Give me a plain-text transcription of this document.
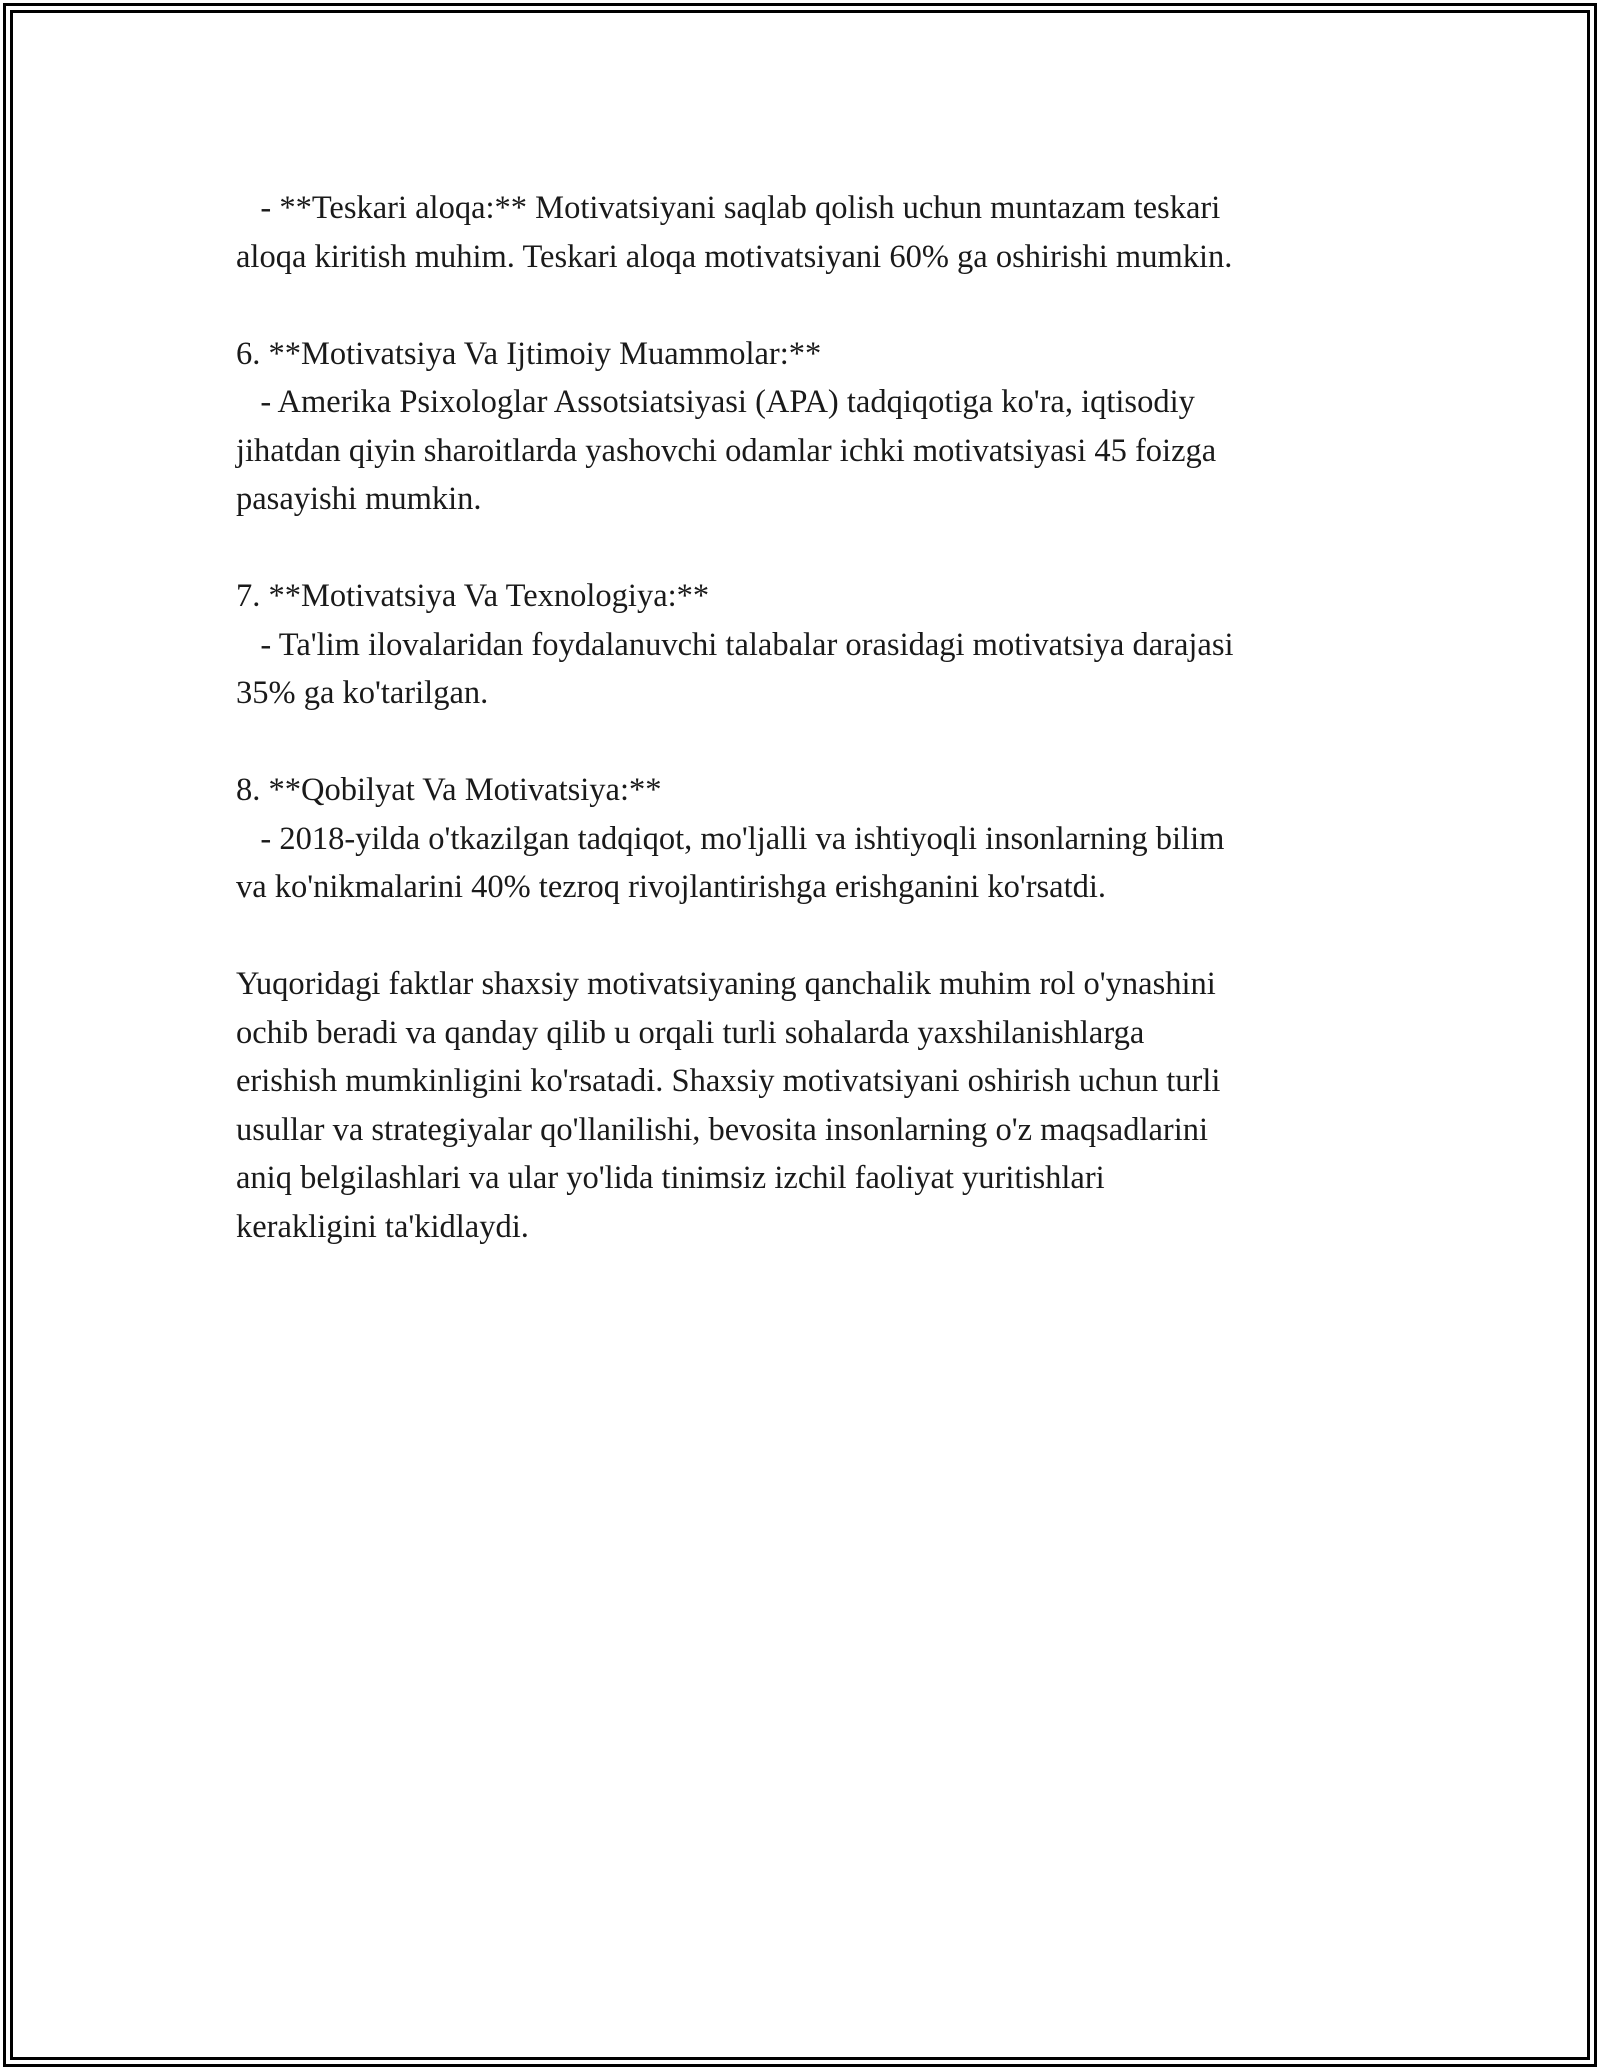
- **Teskari aloqa:** Motivatsiyani saqlab qolish uchun muntazam teskari
aloqa kiritish muhim. Teskari aloqa motivatsiyani 60% ga oshirishi mumkin.
6. **Motivatsiya Va Ijtimoiy Muammolar:**
- Amerika Psixologlar Assotsiatsiyasi (APA) tadqiqotiga ko'ra, iqtisodiy
jihatdan qiyin sharoitlarda yashovchi odamlar ichki motivatsiyasi 45 foizga
pasayishi mumkin.
7. **Motivatsiya Va Texnologiya:**
- Ta'lim ilovalaridan foydalanuvchi talabalar orasidagi motivatsiya darajasi
35% ga ko'tarilgan.
8. **Qobilyat Va Motivatsiya:**
- 2018-yilda o'tkazilgan tadqiqot, mo'ljalli va ishtiyoqli insonlarning bilim
va ko'nikmalarini 40% tezroq rivojlantirishga erishganini ko'rsatdi.
Yuqoridagi faktlar shaxsiy motivatsiyaning qanchalik muhim rol o'ynashini
ochib beradi va qanday qilib u orqali turli sohalarda yaxshilanishlarga
erishish mumkinligini ko'rsatadi. Shaxsiy motivatsiyani oshirish uchun turli
usullar va strategiyalar qo'llanilishi, bevosita insonlarning o'z maqsadlarini
aniq belgilashlari va ular yo'lida tinimsiz izchil faoliyat yuritishlari
kerakligini ta'kidlaydi.
